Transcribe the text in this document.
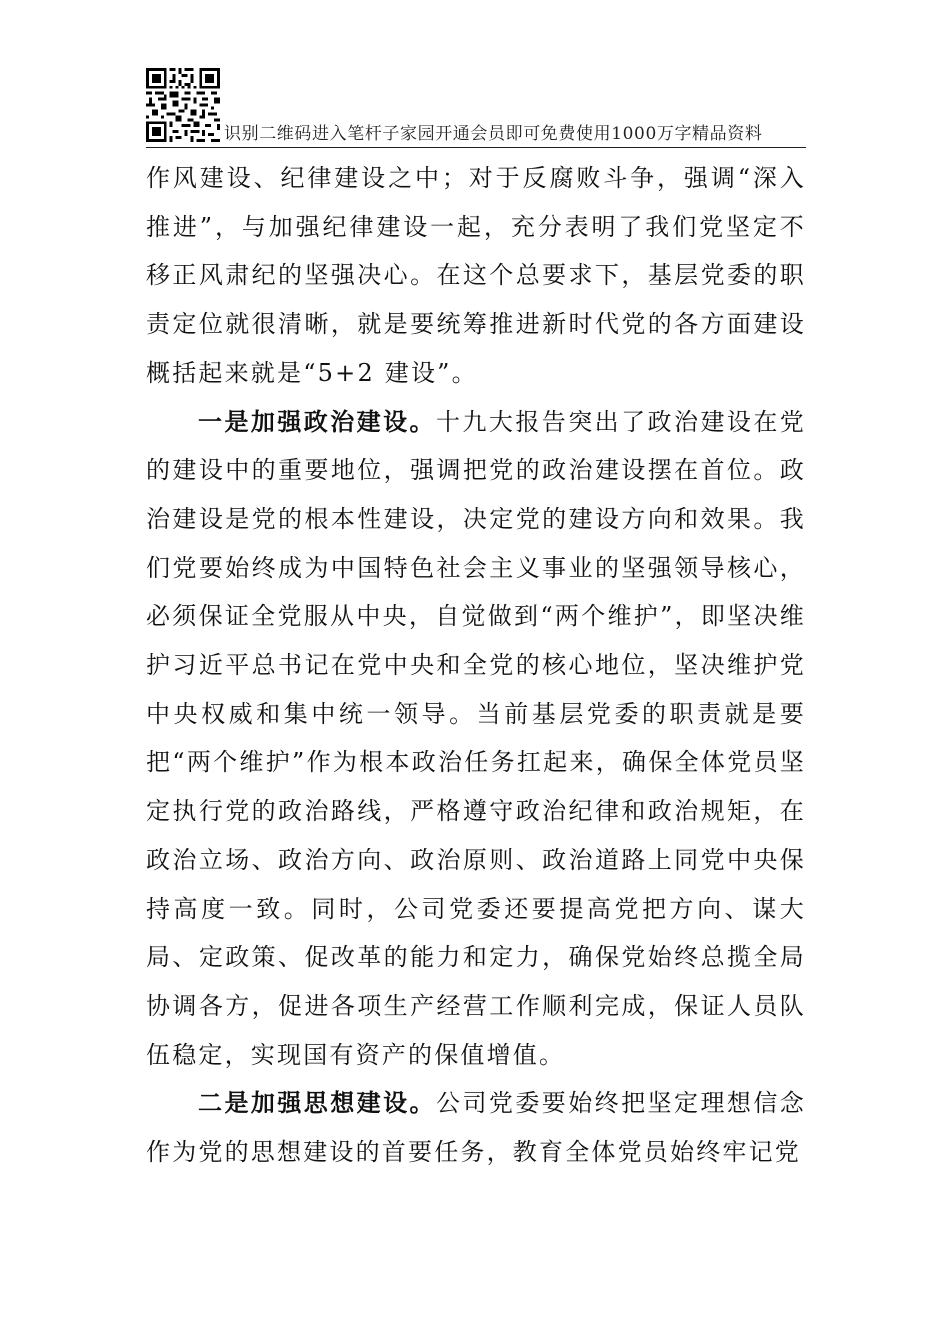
识别二维码进入笔杆子家园开通会员即可免费使用1000万字精品资料

作风建设、纪律建设之中；对于反腐败斗争，强调“深入推进”，与加强纪律建设一起，充分表明了我们党坚定不移正风肃纪的坚强决心。在这个总要求下，基层党委的职责定位就很清晰，就是要统筹推进新时代党的各方面建设概括起来就是“5+2 建设”。

一是加强政治建设。十九大报告突出了政治建设在党的建设中的重要地位，强调把党的政治建设摆在首位。政治建设是党的根本性建设，决定党的建设方向和效果。我们党要始终成为中国特色社会主义事业的坚强领导核心，必须保证全党服从中央，自觉做到“两个维护”，即坚决维护习近平总书记在党中央和全党的核心地位，坚决维护党中央权威和集中统一领导。当前基层党委的职责就是要把“两个维护”作为根本政治任务扛起来，确保全体党员坚定执行党的政治路线，严格遵守政治纪律和政治规矩，在政治立场、政治方向、政治原则、政治道路上同党中央保持高度一致。同时，公司党委还要提高党把方向、谋大局、定政策、促改革的能力和定力，确保党始终总揽全局协调各方，促进各项生产经营工作顺利完成，保证人员队伍稳定，实现国有资产的保值增值。

二是加强思想建设。公司党委要始终把坚定理想信念作为党的思想建设的首要任务，教育全体党员始终牢记党
